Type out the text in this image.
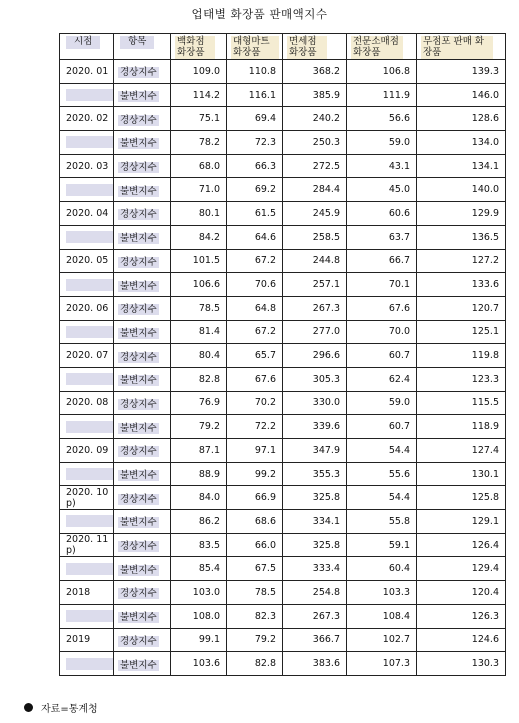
업태별 화장품 판매액지수
시점	항목	백화점 화장품	대형마트 화장품	면세점 화장품	전문소매점 화장품	무점포 판매 화장품

2020. 01	경상지수	109.0	110.8	368.2	106.8	139.3

	불변지수	114.2	116.1	385.9	111.9	146.0

2020. 02	경상지수	75.1	69.4	240.2	56.6	128.6

	불변지수	78.2	72.3	250.3	59.0	134.0

2020. 03	경상지수	68.0	66.3	272.5	43.1	134.1

	불변지수	71.0	69.2	284.4	45.0	140.0

2020. 04	경상지수	80.1	61.5	245.9	60.6	129.9

	불변지수	84.2	64.6	258.5	63.7	136.5

2020. 05	경상지수	101.5	67.2	244.8	66.7	127.2

	불변지수	106.6	70.6	257.1	70.1	133.6

2020. 06	경상지수	78.5	64.8	267.3	67.6	120.7

	불변지수	81.4	67.2	277.0	70.0	125.1

2020. 07	경상지수	80.4	65.7	296.6	60.7	119.8

	불변지수	82.8	67.6	305.3	62.4	123.3

2020. 08	경상지수	76.9	70.2	330.0	59.0	115.5

	불변지수	79.2	72.2	339.6	60.7	118.9

2020. 09	경상지수	87.1	97.1	347.9	54.4	127.4

	불변지수	88.9	99.2	355.3	55.6	130.1

2020. 10 p)	경상지수	84.0	66.9	325.8	54.4	125.8

	불변지수	86.2	68.6	334.1	55.8	129.1

2020. 11 p)	경상지수	83.5	66.0	325.8	59.1	126.4

	불변지수	85.4	67.5	333.4	60.4	129.4

2018	경상지수	103.0	78.5	254.8	103.3	120.4

	불변지수	108.0	82.3	267.3	108.4	126.3

2019	경상지수	99.1	79.2	366.7	102.7	124.6

	불변지수	103.6	82.8	383.6	107.3	130.3
자료=통계청
